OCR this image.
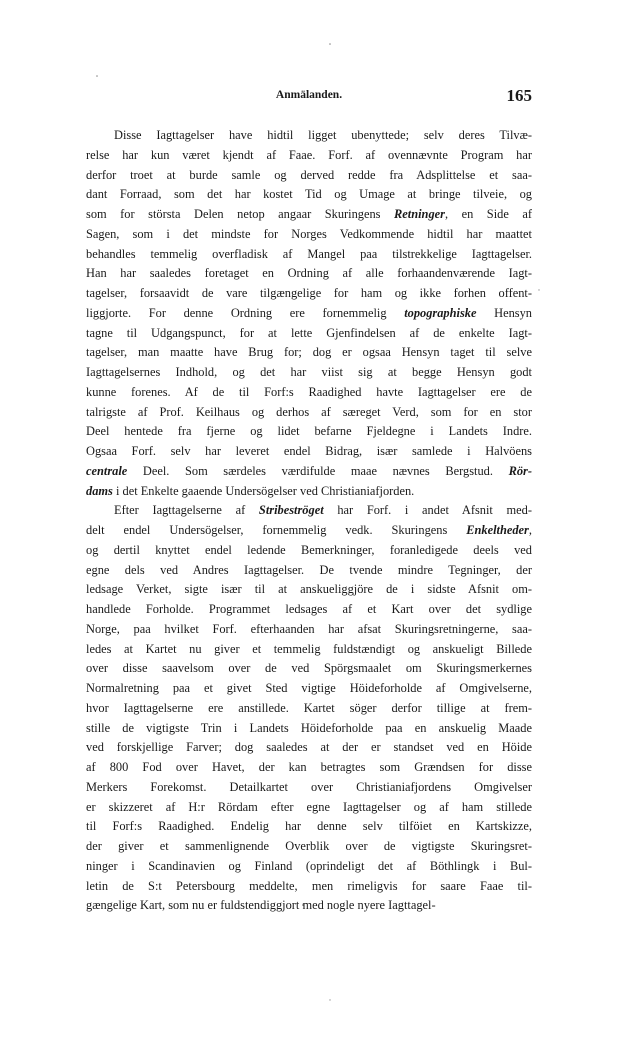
Anmälanden.	165
Disse Iagttagelser have hidtil ligget ubenyttede; selv deres Tilvæ-
relse har kun været kjendt af Faae. Forf. af ovennævnte Program har
derfor troet at burde samle og derved redde fra Adsplittelse et saa-
dant Forraad, som det har kostet Tid og Umage at bringe tilveie, og
som for största Delen netop angaar Skuringens Retninger, en Side af
Sagen, som i det mindste for Norges Vedkommende hidtil har maattet
behandles temmelig overfladisk af Mangel paa tilstrekkelige Iagttagelser.
Han har saaledes foretaget en Ordning af alle forhaandenværende Iagt-
tagelser, forsaavidt de vare tilgængelige for ham og ikke forhen offent-
liggjorte. For denne Ordning ere fornemmelig topographiske Hensyn
tagne til Udgangspunct, for at lette Gjenfindelsen af de enkelte Iagt-
tagelser, man maatte have Brug for; dog er ogsaa Hensyn taget til selve
Iagttagelsernes Indhold, og det har viist sig at begge Hensyn godt
kunne forenes. Af de til Forf:s Raadighed havte Iagttagelser ere de
talrigste af Prof. Keilhaus og derhos af særeget Verd, som for en stor
Deel hentede fra fjerne og lidet befarne Fjeldegne i Landets Indre.
Ogsaa Forf. selv har leveret endel Bidrag, især samlede i Halvöens
centrale Deel. Som særdeles værdifulde maae nævnes Bergstud. Rör-
dams i det Enkelte gaaende Undersögelser ved Christianiafjorden.
Efter Iagttagelserne af Stribeströget har Forf. i andet Afsnit med-
delt endel Undersögelser, fornemmelig vedk. Skuringens Enkeltheder,
og dertil knyttet endel ledende Bemerkninger, foranledigede deels ved
egne dels ved Andres Iagttagelser. De tvende mindre Tegninger, der
ledsage Verket, sigte især til at anskueliggjöre de i sidste Afsnit om-
handlede Forholde. Programmet ledsages af et Kart over det sydlige
Norge, paa hvilket Forf. efterhaanden har afsat Skuringsretningerne, saa-
ledes at Kartet nu giver et temmelig fuldstændigt og anskueligt Billede
over disse saavelsom over de ved Spörgsmaalet om Skuringsmerkernes
Normalretning paa et givet Sted vigtige Höideforholde af Omgivelserne,
hvor Iagttagelserne ere anstillede. Kartet söger derfor tillige at frem-
stille de vigtigste Trin i Landets Höideforholde paa en anskuelig Maade
ved forskjellige Farver; dog saaledes at der er standset ved en Höide
af 800 Fod over Havet, der kan betragtes som Grændsen for disse
Merkers Forekomst. Detailkartet over Christianiafjordens Omgivelser
er skizzeret af H:r Rördam efter egne Iagttagelser og af ham stillede
til Forf:s Raadighed. Endelig har denne selv tilföiet en Kartskizze,
der giver et sammenlignende Overblik over de vigtigste Skuringsret-
ninger i Scandinavien og Finland (oprindeligt det af Böthlingk i Bul-
letin de S:t Petersbourg meddelte, men rimeligvis for saare Faae til-
gængelige Kart, som nu er fuldstendiggjort med nogle nyere Iagttagel-
